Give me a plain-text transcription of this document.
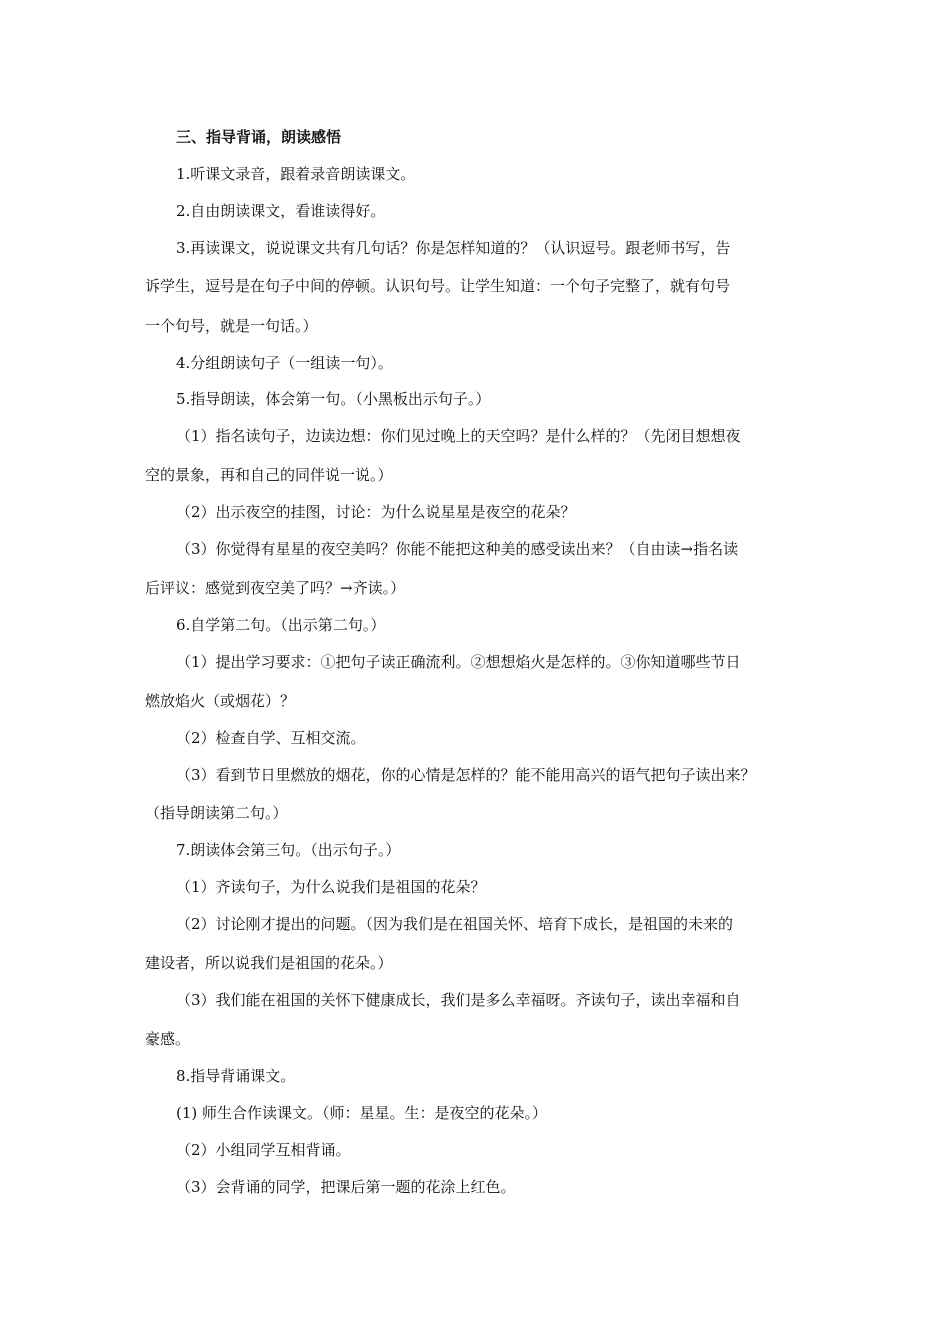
三、指导背诵，朗读感悟
1.听课文录音，跟着录音朗读课文。
2.自由朗读课文，看谁读得好。
3.再读课文，说说课文共有几句话？你是怎样知道的？（认识逗号。跟老师书写，告
诉学生，逗号是在句子中间的停顿。认识句号。让学生知道：一个句子完整了，就有句号
一个句号，就是一句话。）
4.分组朗读句子（一组读一句）。
5.指导朗读，体会第一句。（小黑板出示句子。）
（1）指名读句子，边读边想：你们见过晚上的天空吗？是什么样的？（先闭目想想夜
空的景象，再和自己的同伴说一说。）
（2）出示夜空的挂图，讨论：为什么说星星是夜空的花朵？
（3）你觉得有星星的夜空美吗？你能不能把这种美的感受读出来？（自由读→指名读
后评议：感觉到夜空美了吗？→齐读。）
6.自学第二句。（出示第二句。）
（1）提出学习要求：①把句子读正确流利。②想想焰火是怎样的。③你知道哪些节日
燃放焰火（或烟花）？
（2）检查自学、互相交流。
（3）看到节日里燃放的烟花，你的心情是怎样的？能不能用高兴的语气把句子读出来？
（指导朗读第二句。）
7.朗读体会第三句。（出示句子。）
（1）齐读句子，为什么说我们是祖国的花朵？
（2）讨论刚才提出的问题。（因为我们是在祖国关怀、培育下成长，是祖国的未来的
建设者，所以说我们是祖国的花朵。）
（3）我们能在祖国的关怀下健康成长，我们是多么幸福呀。齐读句子，读出幸福和自
豪感。
8.指导背诵课文。
(1) 师生合作读课文。（师：星星。生：是夜空的花朵。）
（2）小组同学互相背诵。
（3）会背诵的同学，把课后第一题的花涂上红色。
